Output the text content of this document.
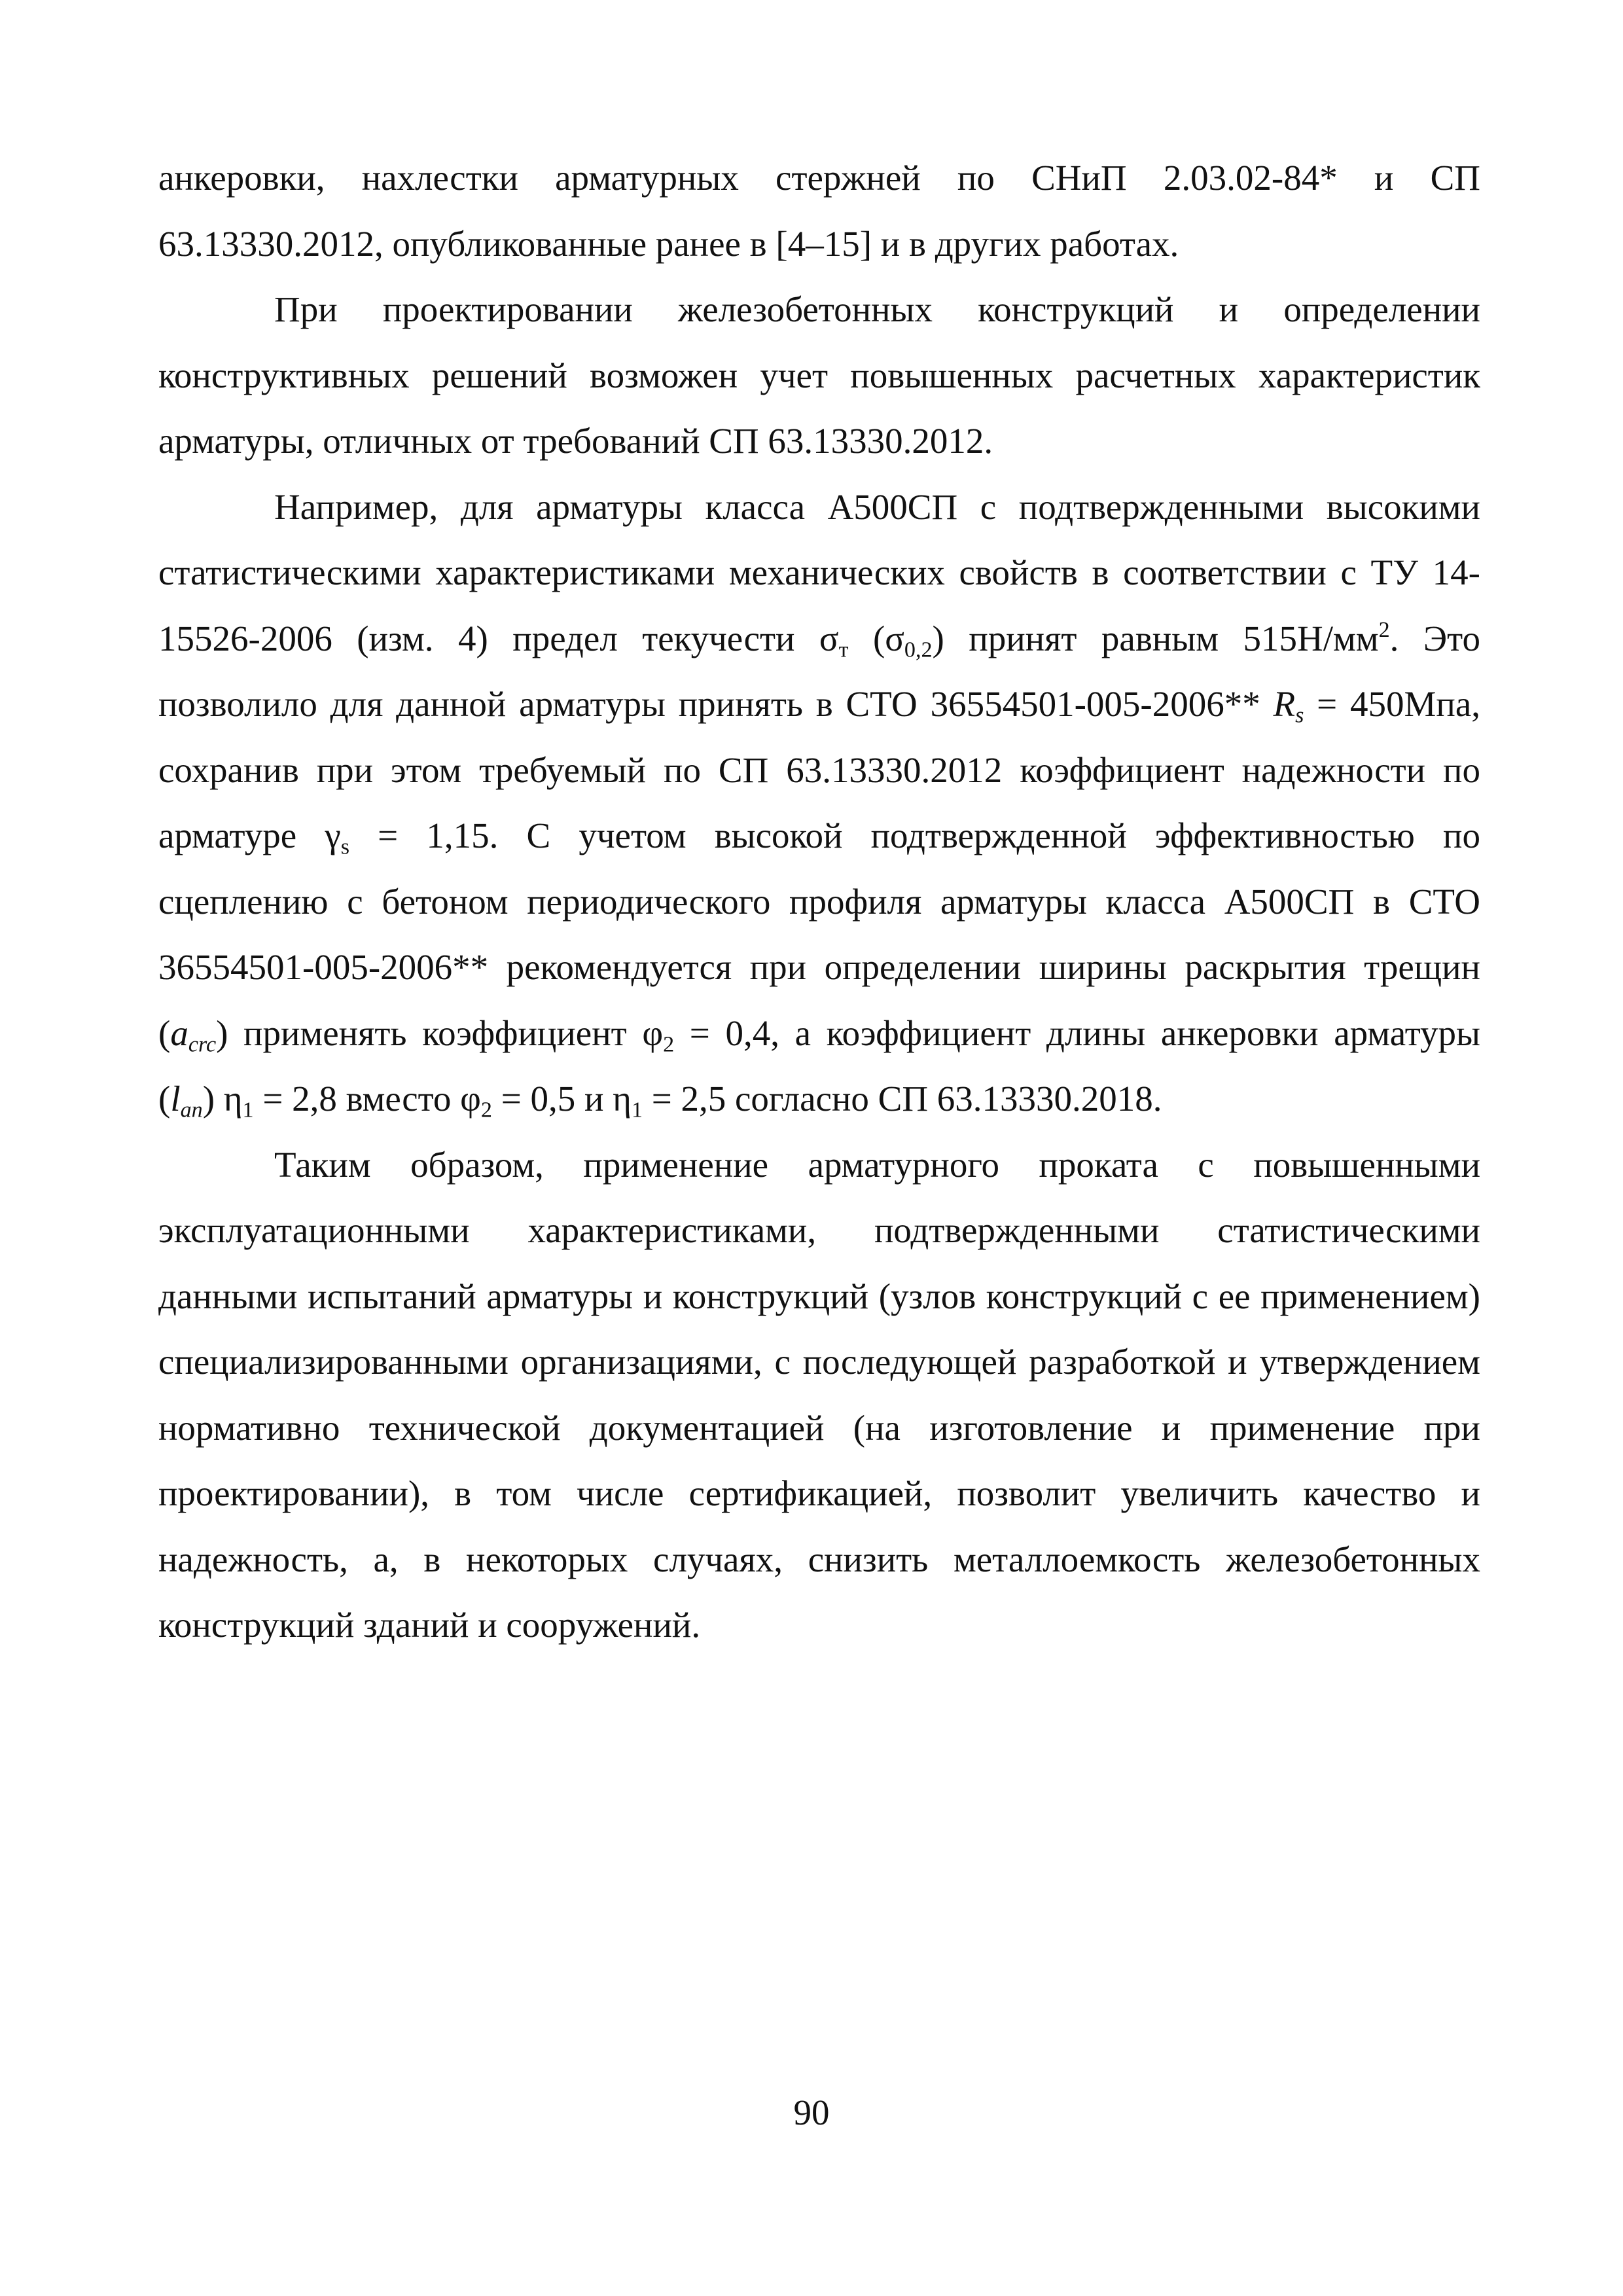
анкеровки, нахлестки арматурных стержней по СНиП 2.03.02-84* и СП 63.13330.2012, опубликованные ранее в [4–15] и в других работах.

При проектировании железобетонных конструкций и определении конструктивных решений возможен учет повышенных расчетных характеристик арматуры, отличных от требований СП 63.13330.2012.

Например, для арматуры класса А500СП с подтвержденными высокими статистическими характеристиками механических свойств в соответствии с ТУ 14-15526-2006 (изм. 4) предел текучести $\sigma_т$ $(\sigma_{0,2})$ принят равным $515Н/мм^2$. Это позволило для данной арматуры принять в СТО 36554501-005-2006** $R_s = 450Мпа$, сохранив при этом требуемый по СП 63.13330.2012 коэффициент надежности по арматуре $\gamma_s = 1,15$. С учетом высокой подтвержденной эффективностью по сцеплению с бетоном периодического профиля арматуры класса А500СП в СТО 36554501-005-2006** рекомендуется при определении ширины раскрытия трещин $(a_{crc})$ применять коэффициент $\varphi_2 = 0,4$, а коэффициент длины анкеровки арматуры $(l_{an}) \eta_1 = 2,8$ вместо $\varphi_2 = 0,5$ и $\eta_1 = 2,5$ согласно СП 63.13330.2018.

Таким образом, применение арматурного проката с повышенными эксплуатационными характеристиками, подтвержденными статистическими данными испытаний арматуры и конструкций (узлов конструкций с ее применением) специализированными организациями, с последующей разработкой и утверждением нормативно технической документацией (на изготовление и применение при проектировании), в том числе сертификацией, позволит увеличить качество и надежность, а, в некоторых случаях, снизить металлоемкость железобетонных конструкций зданий и сооружений.

90
